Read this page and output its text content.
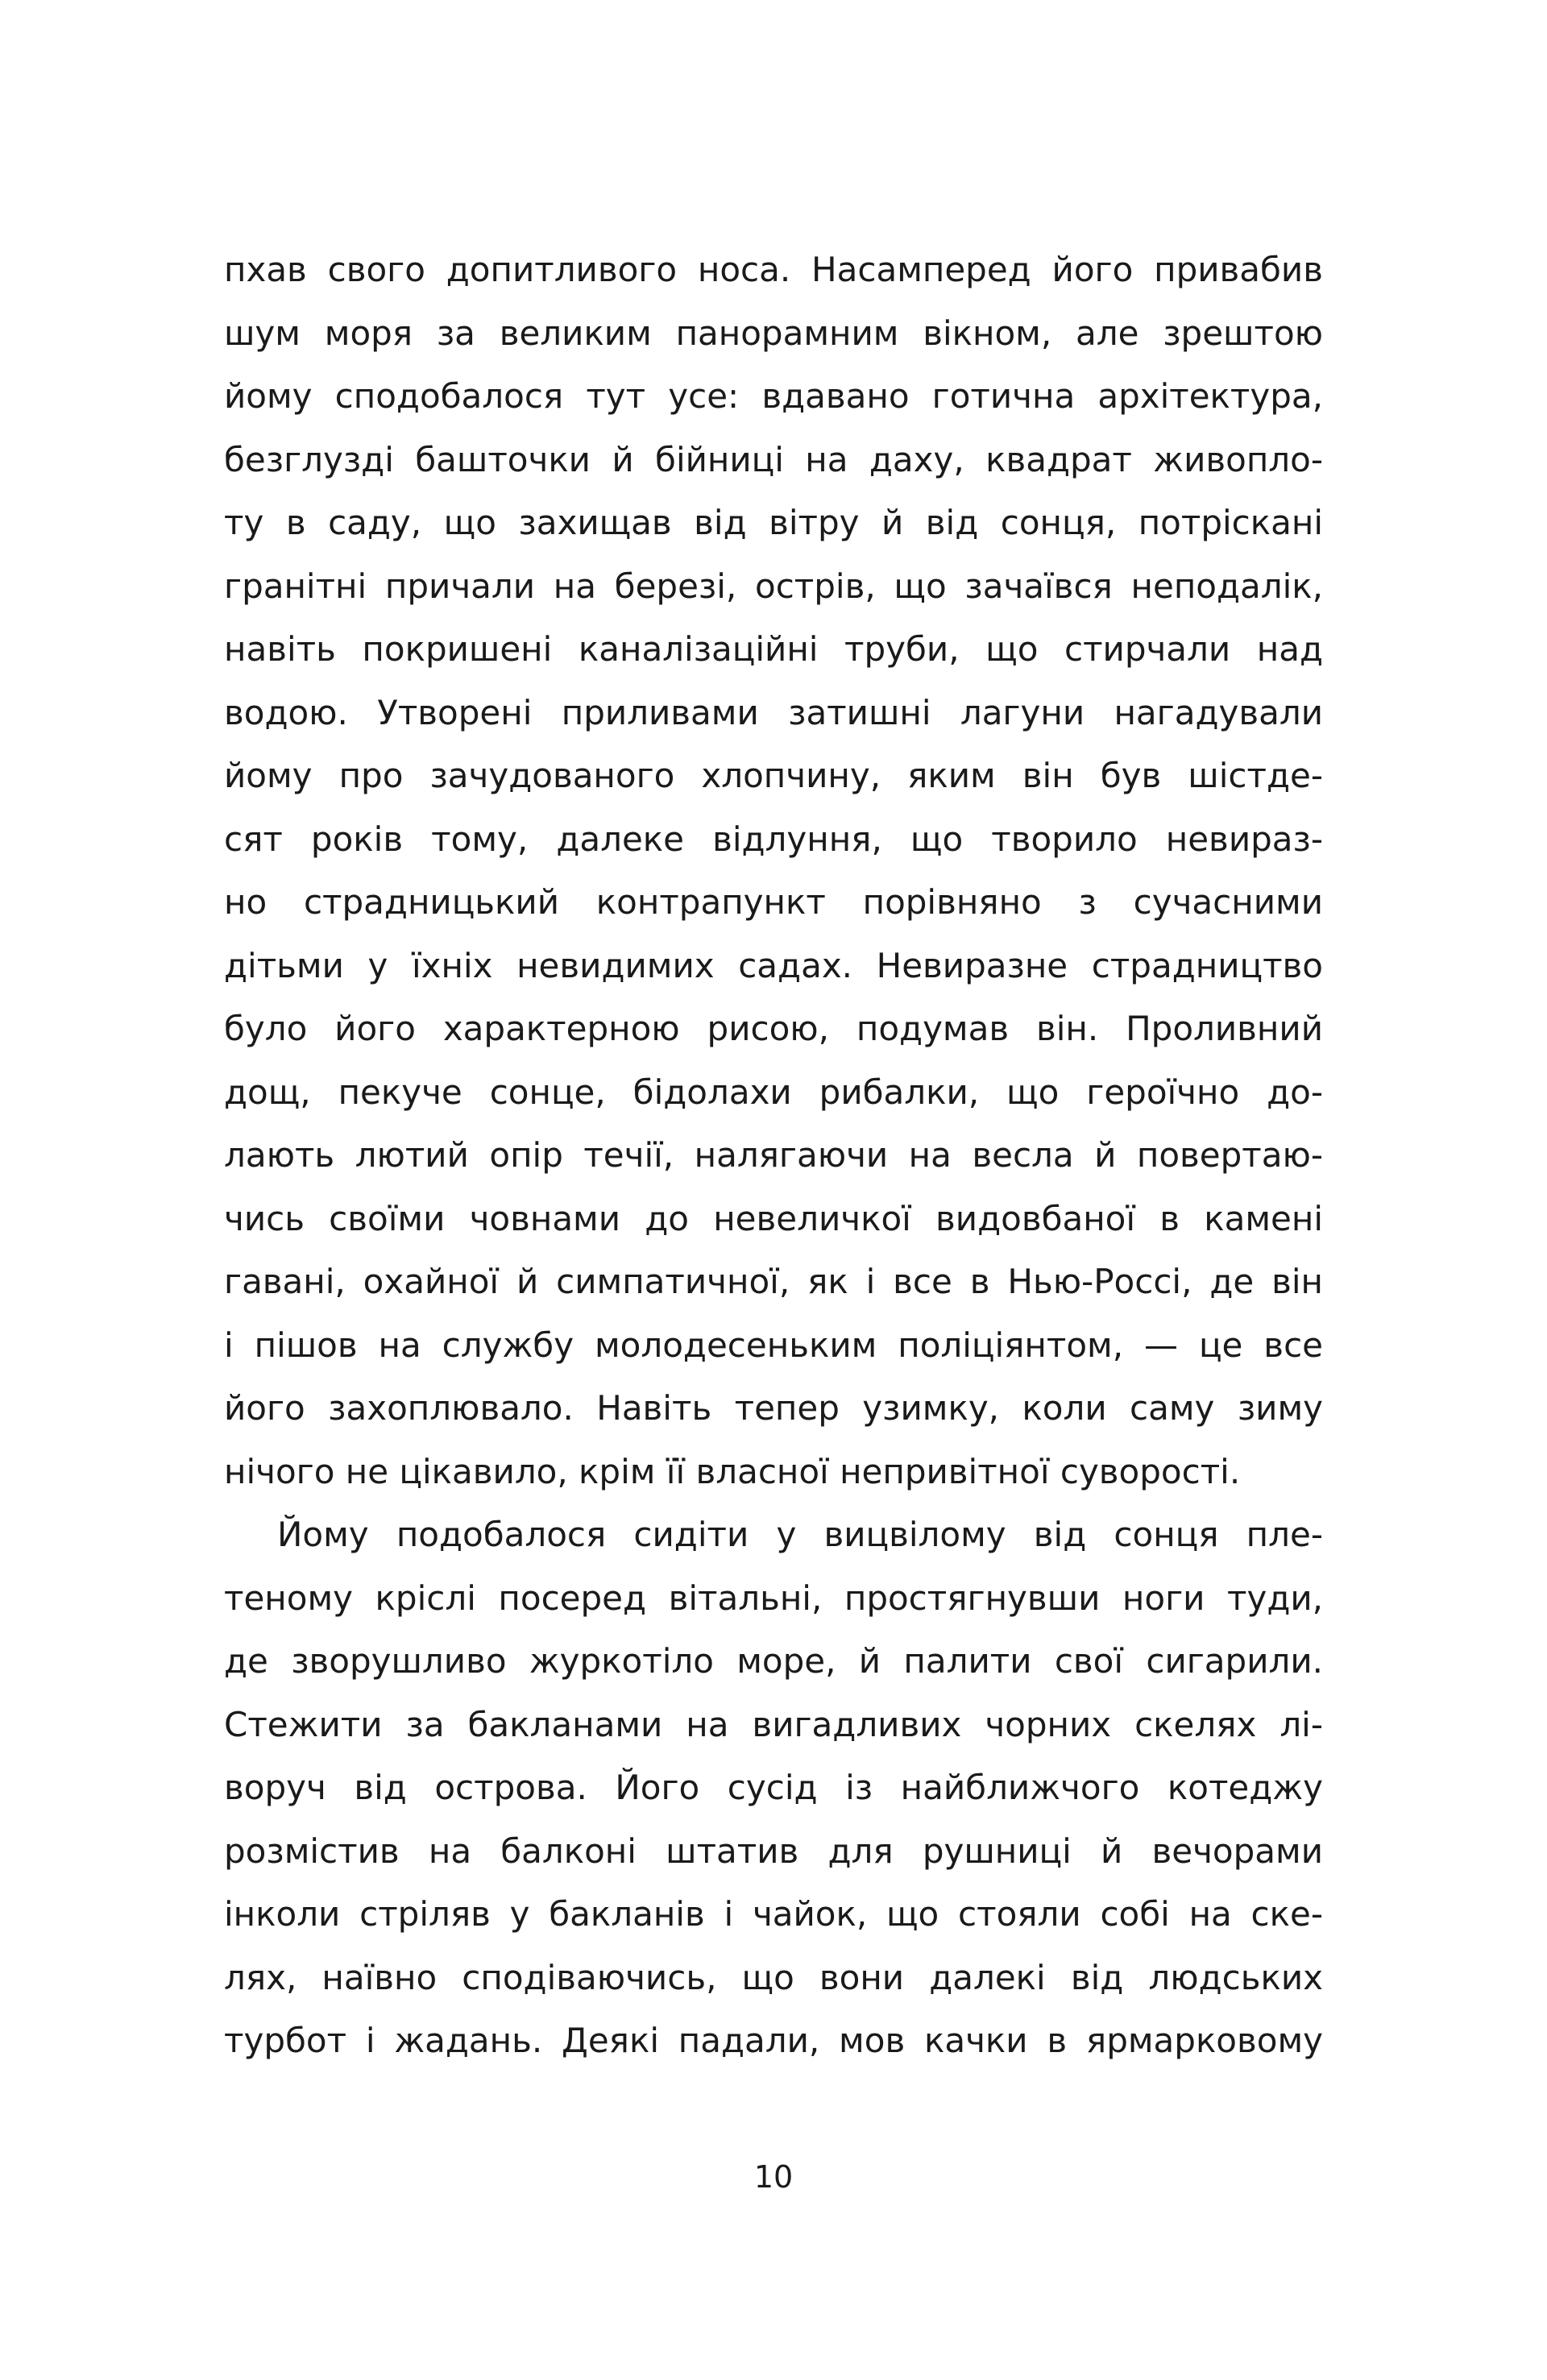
пхав свого допитливого носа. Насамперед його привабив
шум моря за великим панорамним вікном, але зрештою
йому сподобалося тут усе: вдавано готична архітектура,
безглузді башточки й бійниці на даху, квадрат живопло-
ту в саду, що захищав від вітру й від сонця, потріскані
гранітні причали на березі, острів, що зачаївся неподалік,
навіть покришені каналізаційні труби, що стирчали над
водою. Утворені приливами затишні лагуни нагадували
йому про зачудованого хлопчину, яким він був шістде-
сят років тому, далеке відлуння, що творило невираз-
но страдницький контрапункт порівняно з сучасними
дітьми у їхніх невидимих садах. Невиразне страдництво
було його характерною рисою, подумав він. Проливний
дощ, пекуче сонце, бідолахи рибалки, що героїчно до-
лають лютий опір течії, налягаючи на весла й повертаю-
чись своїми човнами до невеличкої видовбаної в камені
гавані, охайної й симпатичної, як і все в Нью-Россі, де він
і пішов на службу молодесеньким поліціянтом, — це все
його захоплювало. Навіть тепер узимку, коли саму зиму
нічого не цікавило, крім її власної непривітної суворості.
Йому подобалося сидіти у вицвілому від сонця пле-
теному кріслі посеред вітальні, простягнувши ноги туди,
де зворушливо журкотіло море, й палити свої сигарили.
Стежити за бакланами на вигадливих чорних скелях лі-
воруч від острова. Його сусід із найближчого котеджу
розмістив на балконі штатив для рушниці й вечорами
інколи стріляв у бакланів і чайок, що стояли собі на ске-
лях, наївно сподіваючись, що вони далекі від людських
турбот і жадань. Деякі падали, мов качки в ярмарковому
10
